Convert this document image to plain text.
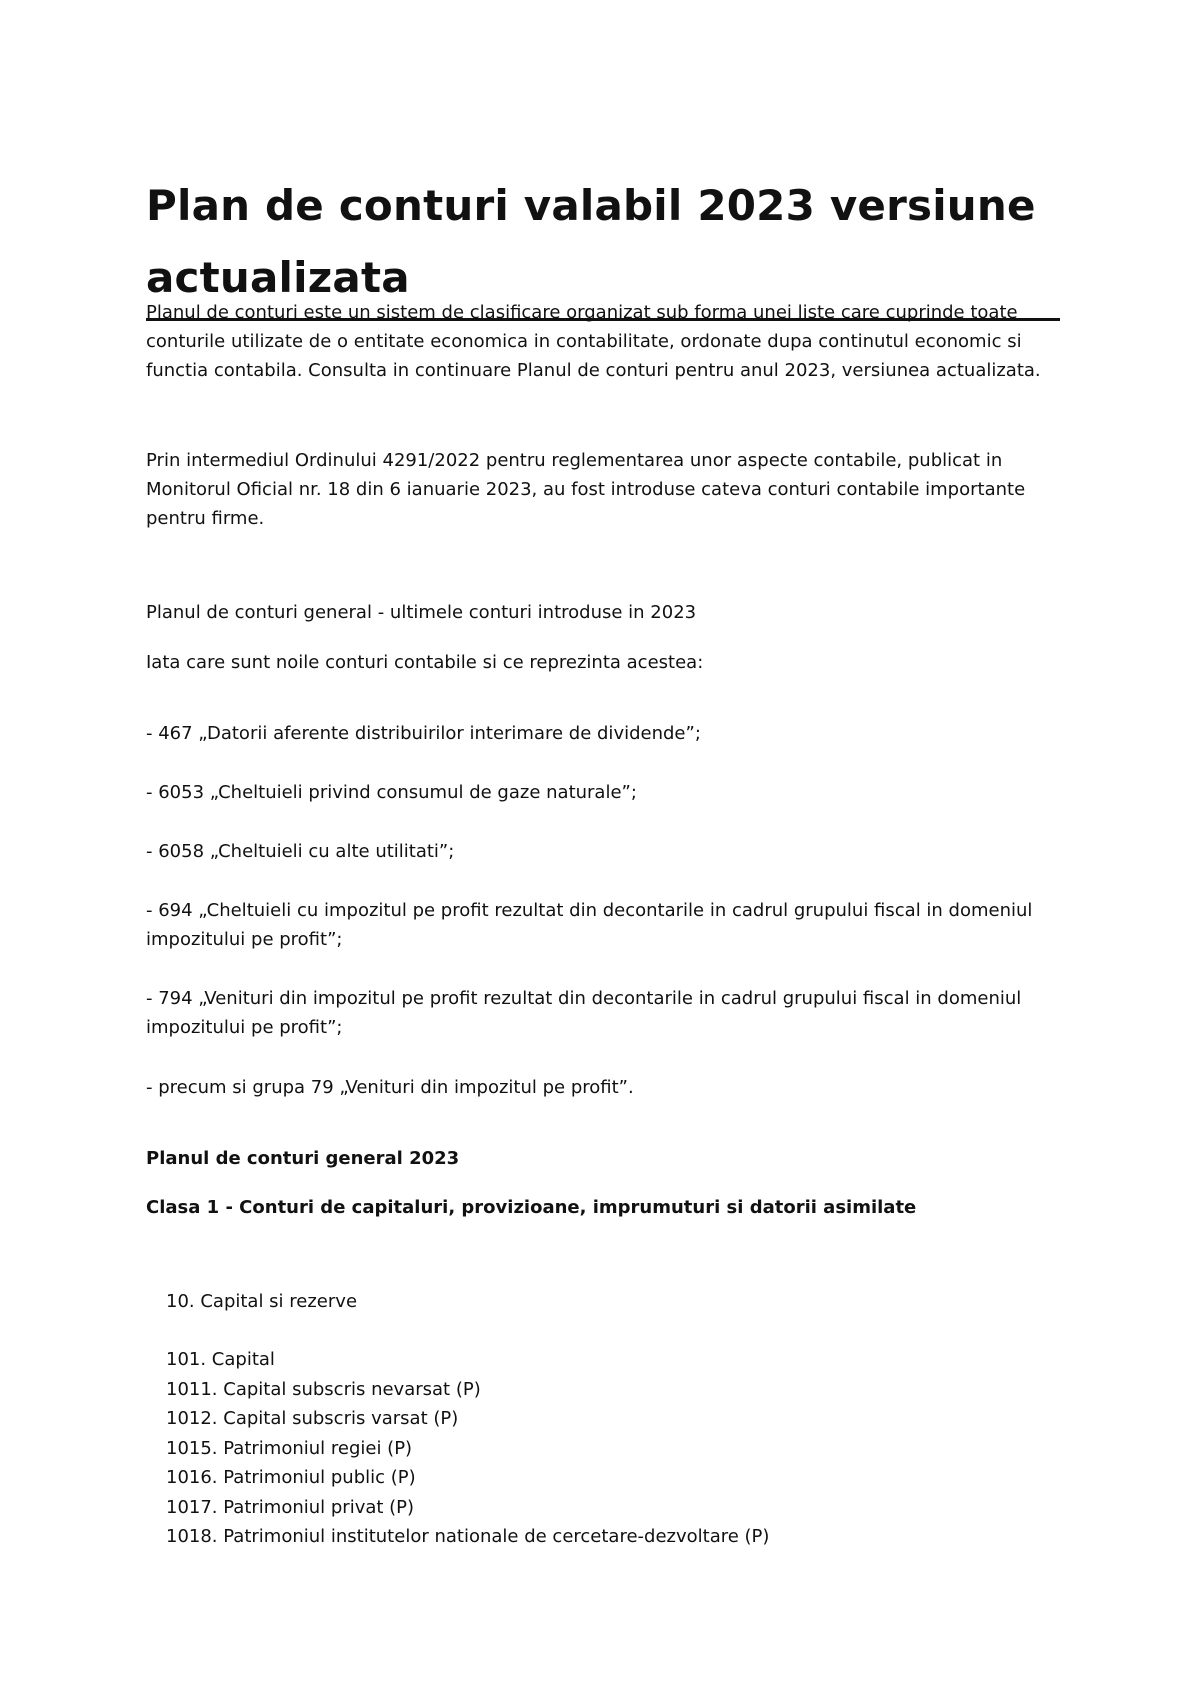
Plan de conturi valabil 2023 versiune actualizata

Planul de conturi este un sistem de clasificare organizat sub forma unei liste care cuprinde toate conturile utilizate de o entitate economica in contabilitate, ordonate dupa continutul economic si functia contabila. Consulta in continuare Planul de conturi pentru anul 2023, versiunea actualizata.

Prin intermediul Ordinului 4291/2022 pentru reglementarea unor aspecte contabile, publicat in Monitorul Oficial nr. 18 din 6 ianuarie 2023, au fost introduse cateva conturi contabile importante pentru firme.

Planul de conturi general - ultimele conturi introduse in 2023

Iata care sunt noile conturi contabile si ce reprezinta acestea:

- 467 „Datorii aferente distribuirilor interimare de dividende”;

- 6053 „Cheltuieli privind consumul de gaze naturale”;

- 6058 „Cheltuieli cu alte utilitati”;

- 694 „Cheltuieli cu impozitul pe profit rezultat din decontarile in cadrul grupului fiscal in domeniul impozitului pe profit”;

- 794 „Venituri din impozitul pe profit rezultat din decontarile in cadrul grupului fiscal in domeniul impozitului pe profit”;

- precum si grupa 79 „Venituri din impozitul pe profit”.

Planul de conturi general 2023

Clasa 1 - Conturi de capitaluri, provizioane, imprumuturi si datorii asimilate

10. Capital si rezerve

101. Capital
1011. Capital subscris nevarsat (P)
1012. Capital subscris varsat (P)
1015. Patrimoniul regiei (P)
1016. Patrimoniul public (P)
1017. Patrimoniul privat (P)
1018. Patrimoniul institutelor nationale de cercetare-dezvoltare (P)
